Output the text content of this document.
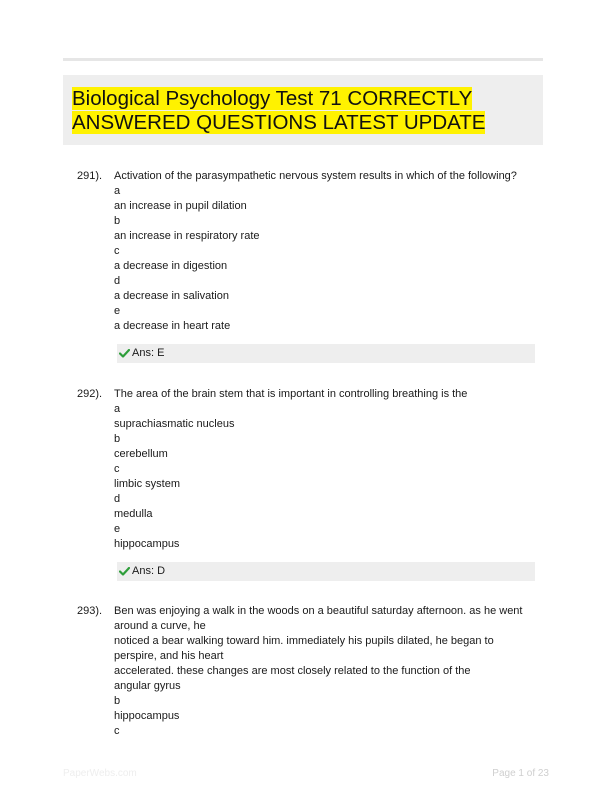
Biological Psychology Test 71 CORRECTLY ANSWERED QUESTIONS LATEST UPDATE
291). Activation of the parasympathetic nervous system results in which of the following?
a
an increase in pupil dilation
b
an increase in respiratory rate
c
a decrease in digestion
d
a decrease in salivation
e
a decrease in heart rate
Ans: E
292). The area of the brain stem that is important in controlling breathing is the
a
suprachiasmatic nucleus
b
cerebellum
c
limbic system
d
medulla
e
hippocampus
Ans: D
293). Ben was enjoying a walk in the woods on a beautiful saturday afternoon. as he went around a curve, he
noticed a bear walking toward him. immediately his pupils dilated, he began to perspire, and his heart
accelerated. these changes are most closely related to the function of the
angular gyrus
b
hippocampus
c
PaperWebs.com	Page 1 of 23
